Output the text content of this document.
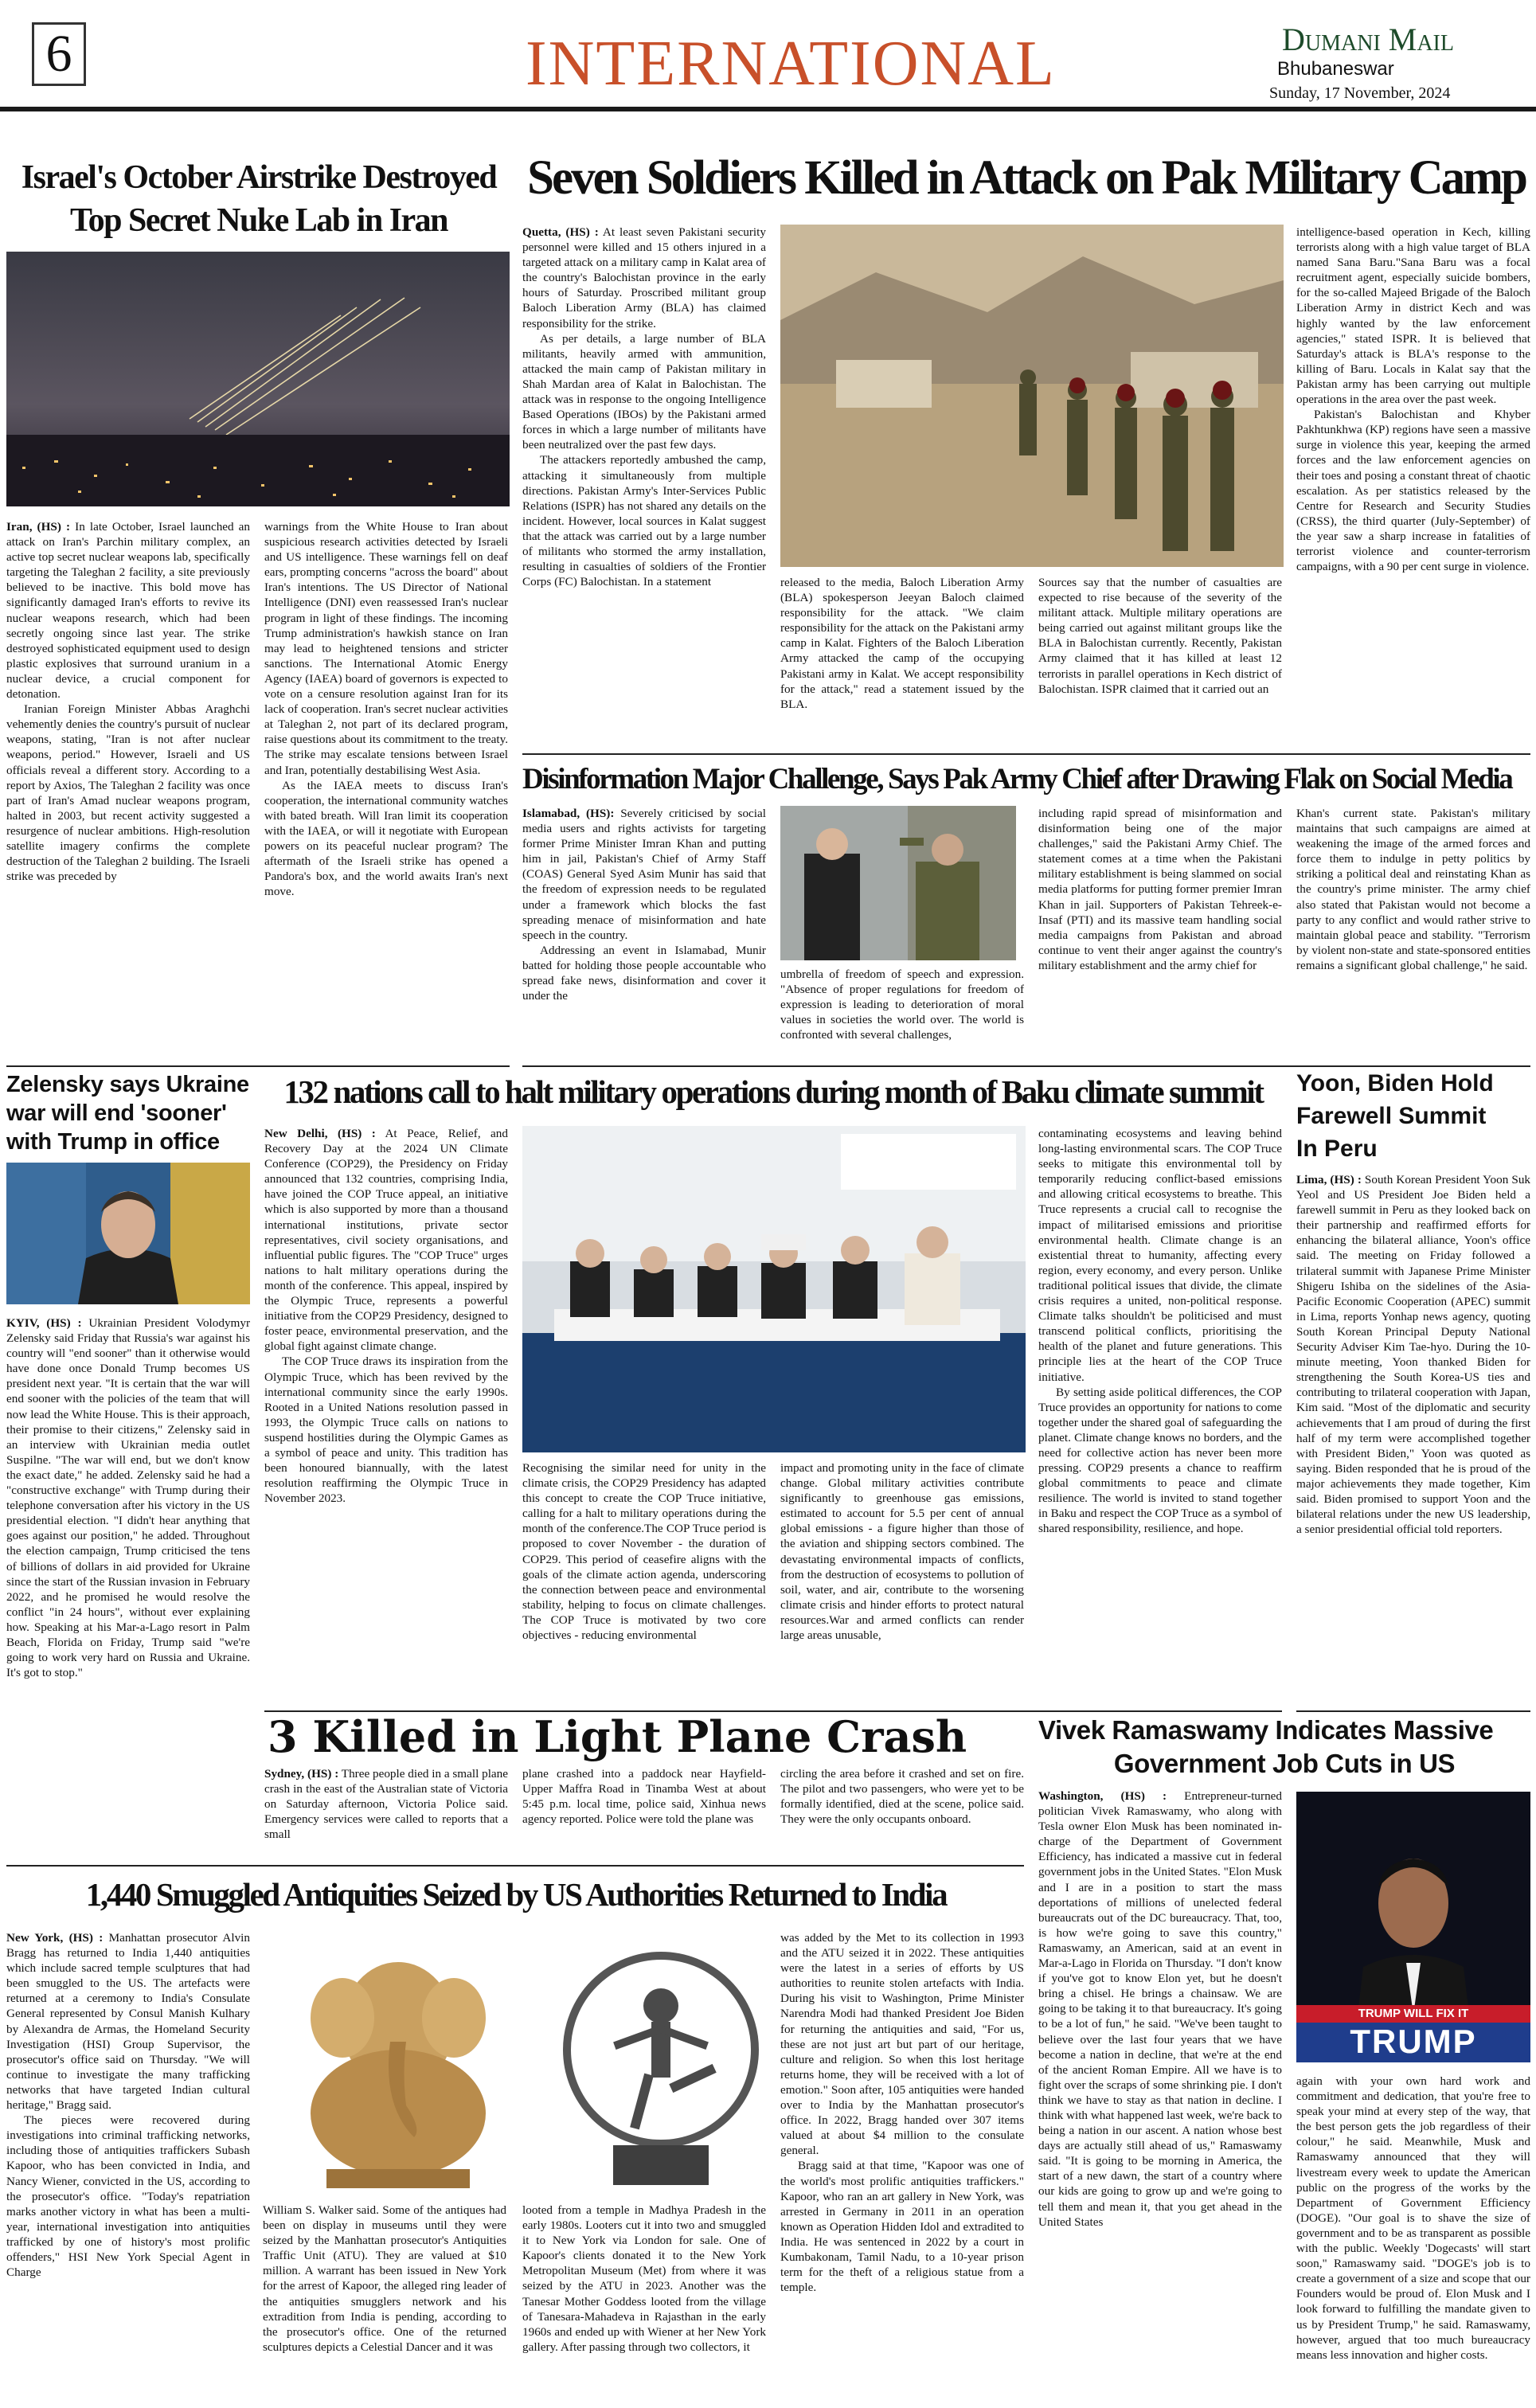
6	INTERNATIONAL	Dumani Mail
Bhubaneswar
Sunday, 17 November, 2024
Israel's October Airstrike Destroyed
Top Secret Nuke Lab in Iran

Iran, (HS) : In late October, Israel launched an attack on Iran's Parchin military complex, an active top secret nuclear weapons lab, specifically targeting the Taleghan 2 facility, a site previously believed to be inactive. This bold move has significantly damaged Iran's efforts to revive its nuclear weapons research, which had been secretly ongoing since last year. The strike destroyed sophisticated equipment used to design plastic explosives that surround uranium in a nuclear device, a crucial component for detonation.

Iranian Foreign Minister Abbas Araghchi vehemently denies the country's pursuit of nuclear weapons, stating, "Iran is not after nuclear weapons, period." However, Israeli and US officials reveal a different story. According to a report by Axios, The Taleghan 2 facility was once part of Iran's Amad nuclear weapons program, halted in 2003, but recent activity suggested a resurgence of nuclear ambitions. High-resolution satellite imagery confirms the complete destruction of the Taleghan 2 building. The Israeli strike was preceded by

warnings from the White House to Iran about suspicious research activities detected by Israeli and US intelligence. These warnings fell on deaf ears, prompting concerns "across the board" about Iran's intentions. The US Director of National Intelligence (DNI) even reassessed Iran's nuclear program in light of these findings. The incoming Trump administration's hawkish stance on Iran may lead to heightened tensions and stricter sanctions. The International Atomic Energy Agency (IAEA) board of governors is expected to vote on a censure resolution against Iran for its lack of cooperation. Iran's secret nuclear activities at Taleghan 2, not part of its declared program, raise questions about its commitment to the treaty. The strike may escalate tensions between Israel and Iran, potentially destabilising West Asia.

As the IAEA meets to discuss Iran's cooperation, the international community watches with bated breath. Will Iran limit its cooperation with the IAEA, or will it negotiate with European powers on its peaceful nuclear program? The aftermath of the Israeli strike has opened a Pandora's box, and the world awaits Iran's next move.

Seven Soldiers Killed in Attack on Pak Military Camp

Quetta, (HS) : At least seven Pakistani security personnel were killed and 15 others injured in a targeted attack on a military camp in Kalat area of the country's Balochistan province in the early hours of Saturday. Proscribed militant group Baloch Liberation Army (BLA) has claimed responsibility for the strike.

As per details, a large number of BLA militants, heavily armed with ammunition, attacked the main camp of Pakistan military in Shah Mardan area of Kalat in Balochistan. The attack was in response to the ongoing Intelligence Based Operations (IBOs) by the Pakistani armed forces in which a large number of militants have been neutralized over the past few days.

The attackers reportedly ambushed the camp, attacking it simultaneously from multiple directions. Pakistan Army's Inter-Services Public Relations (ISPR) has not shared any details on the incident. However, local sources in Kalat suggest that the attack was carried out by a large number of militants who stormed the army installation, resulting in casualties of soldiers of the Frontier Corps (FC) Balochistan. In a statement	released to the media, Baloch Liberation Army (BLA) spokesperson Jeeyan Baloch claimed responsibility for the attack. "We claim responsibility for the attack on the Pakistani army camp in Kalat. Fighters of the Baloch Liberation Army attacked the camp of the occupying Pakistani army in Kalat. We accept responsibility for the attack," read a statement issued by the BLA.

Sources say that the number of casualties are expected to rise because of the severity of the militant attack. Multiple military operations are being carried out against militant groups like the BLA in Balochistan currently. Recently, Pakistan Army claimed that it has killed at least 12 terrorists in parallel operations in Kech district of Balochistan. ISPR claimed that it carried out an

intelligence-based operation in Kech, killing terrorists along with a high value target of BLA named Sana Baru."Sana Baru was a focal recruitment agent, especially suicide bombers, for the so-called Majeed Brigade of the Baloch Liberation Army in district Kech and was highly wanted by the law enforcement agencies," stated ISPR. It is believed that Saturday's attack is BLA's response to the killing of Baru. Locals in Kalat say that the Pakistan army has been carrying out multiple operations in the area over the past week.

Pakistan's Balochistan and Khyber Pakhtunkhwa (KP) regions have seen a massive surge in violence this year, keeping the armed forces and the law enforcement agencies on their toes and posing a constant threat of chaotic escalation. As per statistics released by the Centre for Research and Security Studies (CRSS), the third quarter (July-September) of the year saw a sharp increase in fatalities of terrorist violence and counter-terrorism campaigns, with a 90 per cent surge in violence.

Disinformation Major Challenge, Says Pak Army Chief after Drawing Flak on Social Media

Islamabad, (HS): Severely criticised by social media users and rights activists for targeting former Prime Minister Imran Khan and putting him in jail, Pakistan's Chief of Army Staff (COAS) General Syed Asim Munir has said that the freedom of expression needs to be regulated under a framework which blocks the fast spreading menace of misinformation and hate speech in the country.

Addressing an event in Islamabad, Munir batted for holding those people accountable who spread fake news, disinformation and cover it under the

umbrella of freedom of speech and expression. "Absence of proper regulations for freedom of expression is leading to deterioration of moral values in societies the world over. The world is confronted with several challenges,

including rapid spread of misinformation and disinformation being one of the major challenges," said the Pakistani Army Chief. The statement comes at a time when the Pakistani military establishment is being slammed on social media platforms for putting former premier Imran Khan in jail. Supporters of Pakistan Tehreek-e-Insaf (PTI) and its massive team handling social media campaigns from Pakistan and abroad continue to vent their anger against the country's military establishment and the army chief for

Khan's current state. Pakistan's military maintains that such campaigns are aimed at weakening the image of the armed forces and force them to indulge in petty politics by striking a political deal and reinstating Khan as the country's prime minister. The army chief also stated that Pakistan would not become a party to any conflict and would rather strive to maintain global peace and stability. "Terrorism by violent non-state and state-sponsored entities remains a significant global challenge," he said.

Zelensky says Ukraine
war will end 'sooner'
with Trump in office

KYIV, (HS) : Ukrainian President Volodymyr Zelensky said Friday that Russia's war against his country will "end sooner" than it otherwise would have done once Donald Trump becomes US president next year. "It is certain that the war will end sooner with the policies of the team that will now lead the White House. This is their approach, their promise to their citizens," Zelensky said in an interview with Ukrainian media outlet Suspilne. "The war will end, but we don't know the exact date," he added. Zelensky said he had a "constructive exchange" with Trump during their telephone conversation after his victory in the US presidential election. "I didn't hear anything that goes against our position," he added. Throughout the election campaign, Trump criticised the tens of billions of dollars in aid provided for Ukraine since the start of the Russian invasion in February 2022, and he promised he would resolve the conflict "in 24 hours", without ever explaining how. Speaking at his Mar-a-Lago resort in Palm Beach, Florida on Friday, Trump said "we're going to work very hard on Russia and Ukraine. It's got to stop."

132 nations call to halt military operations during month of Baku climate summit

New Delhi, (HS) : At Peace, Relief, and Recovery Day at the 2024 UN Climate Conference (COP29), the Presidency on Friday announced that 132 countries, comprising India, have joined the COP Truce appeal, an initiative which is also supported by more than a thousand international institutions, private sector representatives, civil society organisations, and influential public figures. The "COP Truce" urges nations to halt military operations during the month of the conference. This appeal, inspired by the Olympic Truce, represents a powerful initiative from the COP29 Presidency, designed to foster peace, environmental preservation, and the global fight against climate change.

The COP Truce draws its inspiration from the Olympic Truce, which has been revived by the international community since the early 1990s. Rooted in a United Nations resolution passed in 1993, the Olympic Truce calls on nations to suspend hostilities during the Olympic Games as a symbol of peace and unity. This tradition has been honoured biannually, with the latest resolution reaffirming the Olympic Truce in November 2023.

Recognising the similar need for unity in the climate crisis, the COP29 Presidency has adapted this concept to create the COP Truce initiative, calling for a halt to military operations during the month of the conference.The COP Truce period is proposed to cover November - the duration of COP29. This period of ceasefire aligns with the goals of the climate action agenda, underscoring the connection between peace and environmental stability, helping to focus on climate challenges. The COP Truce is motivated by two core objectives - reducing environmental

impact and promoting unity in the face of climate change. Global military activities contribute significantly to greenhouse gas emissions, estimated to account for 5.5 per cent of annual global emissions - a figure higher than those of the aviation and shipping sectors combined. The devastating environmental impacts of conflicts, from the destruction of ecosystems to pollution of soil, water, and air, contribute to the worsening climate crisis and hinder efforts to protect natural resources.War and armed conflicts can render large areas unusable,

contaminating ecosystems and leaving behind long-lasting environmental scars. The COP Truce seeks to mitigate this environmental toll by temporarily reducing conflict-based emissions and allowing critical ecosystems to breathe. This Truce represents a crucial call to recognise the impact of militarised emissions and prioritise environmental health. Climate change is an existential threat to humanity, affecting every region, every economy, and every person. Unlike traditional political issues that divide, the climate crisis requires a united, non-political response. Climate talks shouldn't be politicised and must transcend political conflicts, prioritising the health of the planet and future generations. This principle lies at the heart of the COP Truce initiative.

By setting aside political differences, the COP Truce provides an opportunity for nations to come together under the shared goal of safeguarding the planet. Climate change knows no borders, and the need for collective action has never been more pressing. COP29 presents a chance to reaffirm global commitments to peace and climate resilience. The world is invited to stand together in Baku and respect the COP Truce as a symbol of shared responsibility, resilience, and hope.

Yoon, Biden Hold
Farewell Summit
In Peru

Lima, (HS) : South Korean President Yoon Suk Yeol and US President Joe Biden held a farewell summit in Peru as they looked back on their partnership and reaffirmed efforts for enhancing the bilateral alliance, Yoon's office said. The meeting on Friday followed a trilateral summit with Japanese Prime Minister Shigeru Ishiba on the sidelines of the Asia-Pacific Economic Cooperation (APEC) summit in Lima, reports Yonhap news agency, quoting South Korean Principal Deputy National Security Adviser Kim Tae-hyo. During the 10-minute meeting, Yoon thanked Biden for strengthening the South Korea-US ties and contributing to trilateral cooperation with Japan, Kim said. "Most of the diplomatic and security achievements that I am proud of during the first half of my term were accomplished together with President Biden," Yoon was quoted as saying. Biden responded that he is proud of the major achievements they made together, Kim said. Biden promised to support Yoon and the bilateral relations under the new US leadership, a senior presidential official told reporters.

3 Killed in Light Plane Crash

Sydney, (HS) : Three people died in a small plane crash in the east of the Australian state of Victoria on Saturday afternoon, Victoria Police said. Emergency services were called to reports that a small

plane crashed into a paddock near Hayfield-Upper Maffra Road in Tinamba West at about 5:45 p.m. local time, police said, Xinhua news agency reported. Police were told the plane was

circling the area before it crashed and set on fire. The pilot and two passengers, who were yet to be formally identified, died at the scene, police said. They were the only occupants onboard.

Vivek Ramaswamy Indicates Massive
Government Job Cuts in US

Washington, (HS) : Entrepreneur-turned politician Vivek Ramaswamy, who along with Tesla owner Elon Musk has been nominated in-charge of the Department of Government Efficiency, has indicated a massive cut in federal government jobs in the United States. "Elon Musk and I are in a position to start the mass deportations of millions of unelected federal bureaucrats out of the DC bureaucracy. That, too, is how we're going to save this country," Ramaswamy, an American, said at an event in Mar-a-Lago in Florida on Thursday. "I don't know if you've got to know Elon yet, but he doesn't bring a chisel. He brings a chainsaw. We are going to be taking it to that bureaucracy. It's going to be a lot of fun," he said. "We've been taught to believe over the last four years that we have become a nation in decline, that we're at the end of the ancient Roman Empire. All we have is to fight over the scraps of some shrinking pie. I don't think we have to stay as that nation in decline. I think with what happened last week, we're back to being a nation in our ascent. A nation whose best days are actually still ahead of us," Ramaswamy said. "It is going to be morning in America, the start of a new dawn, the start of a country where our kids are going to grow up and we're going to tell them and mean it, that you get ahead in the United States

TRUMP WILL FIX IT
TRUMP

again with your own hard work and commitment and dedication, that you're free to speak your mind at every step of the way, that the best person gets the job regardless of their colour," he said. Meanwhile, Musk and Ramaswamy announced that they will livestream every week to update the American public on the progress of the works by the Department of Government Efficiency (DOGE). "Our goal is to shave the size of government and to be as transparent as possible with the public. Weekly 'Dogecasts' will start soon," Ramaswamy said. "DOGE's job is to create a government of a size and scope that our Founders would be proud of. Elon Musk and I look forward to fulfilling the mandate given to us by President Trump," he said. Ramaswamy, however, argued that too much bureaucracy means less innovation and higher costs.

1,440 Smuggled Antiquities Seized by US Authorities Returned to India

New York, (HS) : Manhattan prosecutor Alvin Bragg has returned to India 1,440 antiquities which include sacred temple sculptures that had been smuggled to the US. The artefacts were returned at a ceremony to India's Consulate General represented by Consul Manish Kulhary by Alexandra de Armas, the Homeland Security Investigation (HSI) Group Supervisor, the prosecutor's office said on Thursday. "We will continue to investigate the many trafficking networks that have targeted Indian cultural heritage," Bragg said.

The pieces were recovered during investigations into criminal trafficking networks, including those of antiquities traffickers Subash Kapoor, who has been convicted in India, and Nancy Wiener, convicted in the US, according to the prosecutor's office. "Today's repatriation marks another victory in what has been a multi-year, international investigation into antiquities trafficked by one of history's most prolific offenders," HSI New York Special Agent in Charge

William S. Walker said. Some of the antiques had been on display in museums until they were seized by the Manhattan prosecutor's Antiquities Traffic Unit (ATU). They are valued at $10 million. A warrant has been issued in New York for the arrest of Kapoor, the alleged ring leader of the antiquities smugglers network and his extradition from India is pending, according to the prosecutor's office. One of the returned sculptures depicts a Celestial Dancer and it was

looted from a temple in Madhya Pradesh in the early 1980s. Looters cut it into two and smuggled it to New York via London for sale. One of Kapoor's clients donated it to the New York Metropolitan Museum (Met) from where it was seized by the ATU in 2023. Another was the Tanesar Mother Goddess looted from the village of Tanesara-Mahadeva in Rajasthan in the early 1960s and ended up with Wiener at her New York gallery. After passing through two collectors, it

was added by the Met to its collection in 1993 and the ATU seized it in 2022. These antiquities were the latest in a series of efforts by US authorities to reunite stolen artefacts with India. During his visit to Washington, Prime Minister Narendra Modi had thanked President Joe Biden for returning the antiquities and said, "For us, these are not just art but part of our heritage, culture and religion. So when this lost heritage returns home, they will be received with a lot of emotion." Soon after, 105 antiquities were handed over to India by the Manhattan prosecutor's office. In 2022, Bragg handed over 307 items valued at about $4 million to the consulate general.

Bragg said at that time, "Kapoor was one of the world's most prolific antiquities traffickers." Kapoor, who ran an art gallery in New York, was arrested in Germany in 2011 in an operation known as Operation Hidden Idol and extradited to India. He was sentenced in 2022 by a court in Kumbakonam, Tamil Nadu, to a 10-year prison term for the theft of a religious statue from a temple.
